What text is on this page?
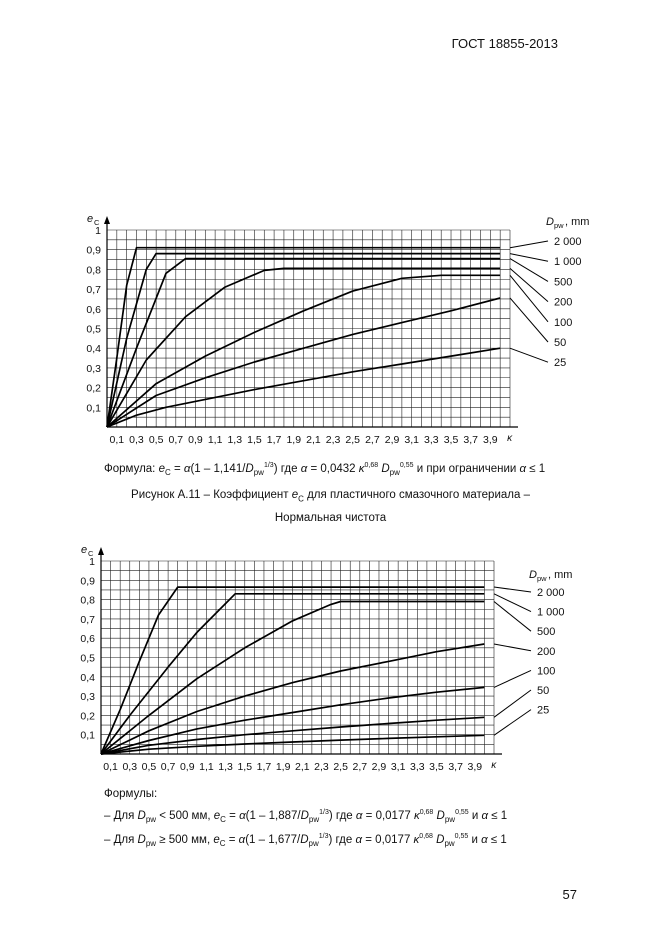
ГОСТ 18855-2013
0,1
0,2
0,3
0,4
0,5
0,6
0,7
0,8
0,9
1
0,1 0,3 0,5 0,7 0,9 1,1 1,3 1,5 1,7 1,9 2,1 2,3 2,5 2,7 2,9 3,1 3,3 3,5 3,7 3,9 κ
e C	D pw , mm
2 000
1 000
500
200
100
50
25
Формула: $e_C = \alpha(1 - 1,141/D_{pw}^{1/3})$ где α = 0,0432 $\kappa^{0,68}$ $D_{pw}^{0,55}$ и при ограничении α ≤ 1
Рисунок А.11 – Коэффициент $e_C$ для пластичного смазочного материала –
Нормальная чистота
0,1
0,2
0,3
0,4
0,5
0,6
0,7
0,8
0,9
1
0,1 0,3 0,5 0,7 0,9 1,1 1,3 1,5 1,7 1,9 2,1 2,3 2,5 2,7 2,9 3,1 3,3 3,5 3,7 3,9 κ
e C
D pw , mm
2 000
1 000
500
200
100
50
25
Формулы:
– Для $D_{pw} < 500$ мм, $e_C = \alpha(1 - 1,887/D_{pw}^{1/3})$ где α = 0,0177 $\kappa^{0,68}$ $D_{pw}^{0,55}$ и α ≤ 1
– Для $D_{pw} \ge 500$ мм, $e_C = \alpha(1 - 1,677/D_{pw}^{1/3})$ где α = 0,0177 $\kappa^{0,68}$ $D_{pw}^{0,55}$ и α ≤ 1
57
